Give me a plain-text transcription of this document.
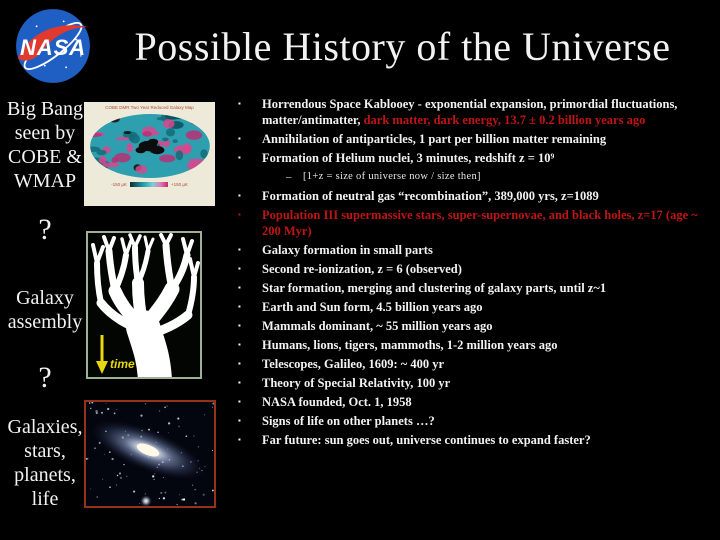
NASA	Possible History of the Universe
Big Bang
seen by
COBE &
WMAP
?
Galaxy
assembly
?
Galaxies,
stars,
planets,
life
COBE DMR Two Year Reduced Galaxy Map
-150 μK	+150 μK
time
▪	Horrendous Space Kablooey - exponential expansion, primordial fluctuations, matter/antimatter, dark matter, dark energy, 13.7 ± 0.2 billion years ago
▪	Annihilation of antiparticles, 1 part per billion matter remaining
▪	Formation of Helium nuclei, 3 minutes, redshift z = 10⁹
–	[1+z = size of universe now / size then]
▪	Formation of neutral gas “recombination”, 389,000 yrs, z=1089
▪	Population III supermassive stars, super-supernovae, and black holes, z=17 (age ~ 200 Myr)
▪	Galaxy formation in small parts
▪	Second re-ionization, z = 6 (observed)
▪	Star formation, merging and clustering of galaxy parts, until z~1
▪	Earth and Sun form, 4.5 billion years ago
▪	Mammals dominant, ~ 55 million years ago
▪	Humans, lions, tigers, mammoths, 1-2 million years ago
▪	Telescopes, Galileo, 1609: ~ 400 yr
▪	Theory of Special Relativity, 100 yr
▪	NASA founded, Oct. 1, 1958
▪	Signs of life on other planets …?
▪	Far future: sun goes out, universe continues to expand faster?
